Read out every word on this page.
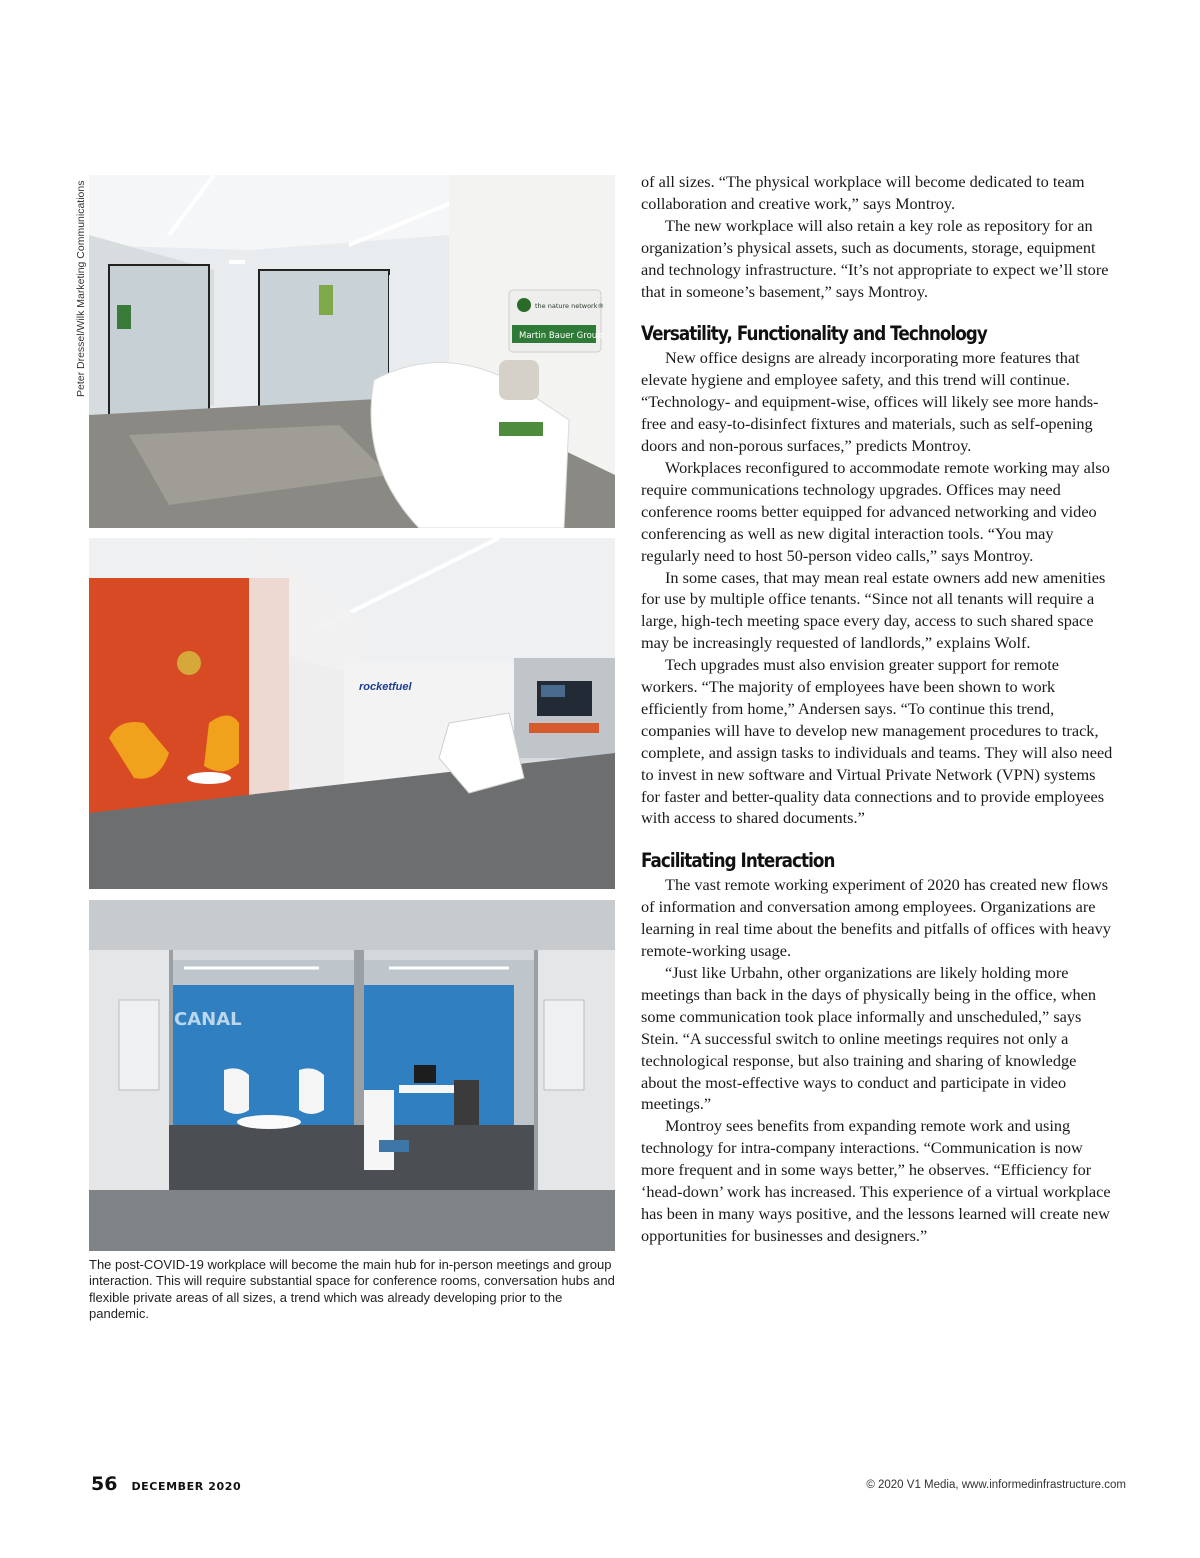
Peter Dressel/Wilk Marketing Communications	the nature network®
Martin Bauer Group
rocketfuel
CANAL
The post-COVID-19 workplace will become the main hub for in-person meetings and group interaction. This will require substantial space for conference rooms, conversation hubs and flexible private areas of all sizes, a trend which was already developing prior to the pandemic.

of all sizes. “The physical workplace will become dedicated to team collaboration and creative work,” says Montroy.

The new workplace will also retain a key role as repository for an organization’s physical assets, such as documents, storage, equipment and technology infrastructure. “It’s not appropriate to expect we’ll store that in someone’s basement,” says Montroy.

Versatility, Functionality and Technology

New office designs are already incorporating more features that elevate hygiene and employee safety, and this trend will continue. “Technology- and equipment-wise, offices will likely see more hands-free and easy-to-disinfect fixtures and materials, such as self-opening doors and non-porous surfaces,” predicts Montroy.

Workplaces reconfigured to accommodate remote working may also require communications technology upgrades. Offices may need conference rooms better equipped for advanced networking and video conferencing as well as new digital interaction tools. “You may regularly need to host 50-person video calls,” says Montroy.

In some cases, that may mean real estate owners add new amenities for use by multiple office tenants. “Since not all tenants will require a large, high-tech meeting space every day, access to such shared space may be increasingly requested of landlords,” explains Wolf.

Tech upgrades must also envision greater support for remote workers. “The majority of employees have been shown to work efficiently from home,” Andersen says. “To continue this trend, companies will have to develop new management procedures to track, complete, and assign tasks to individuals and teams. They will also need to invest in new software and Virtual Private Network (VPN) systems for faster and better-quality data connections and to provide employees with access to shared documents.”

Facilitating Interaction

The vast remote working experiment of 2020 has created new flows of information and conversation among employees. Organizations are learning in real time about the benefits and pitfalls of offices with heavy remote-working usage.

“Just like Urbahn, other organizations are likely holding more meetings than back in the days of physically being in the office, when some communication took place informally and unscheduled,” says Stein. “A successful switch to online meetings requires not only a technological response, but also training and sharing of knowledge about the most-effective ways to conduct and participate in video meetings.”

Montroy sees benefits from expanding remote work and using technology for intra-company interactions. “Communication is now more frequent and in some ways better,” he observes. “Efficiency for ‘head-down’ work has increased. This experience of a virtual workplace has been in many ways positive, and the lessons learned will create new opportunities for businesses and designers.”

56 DECEMBER 2020	© 2020 V1 Media, www.informedinfrastructure.com
